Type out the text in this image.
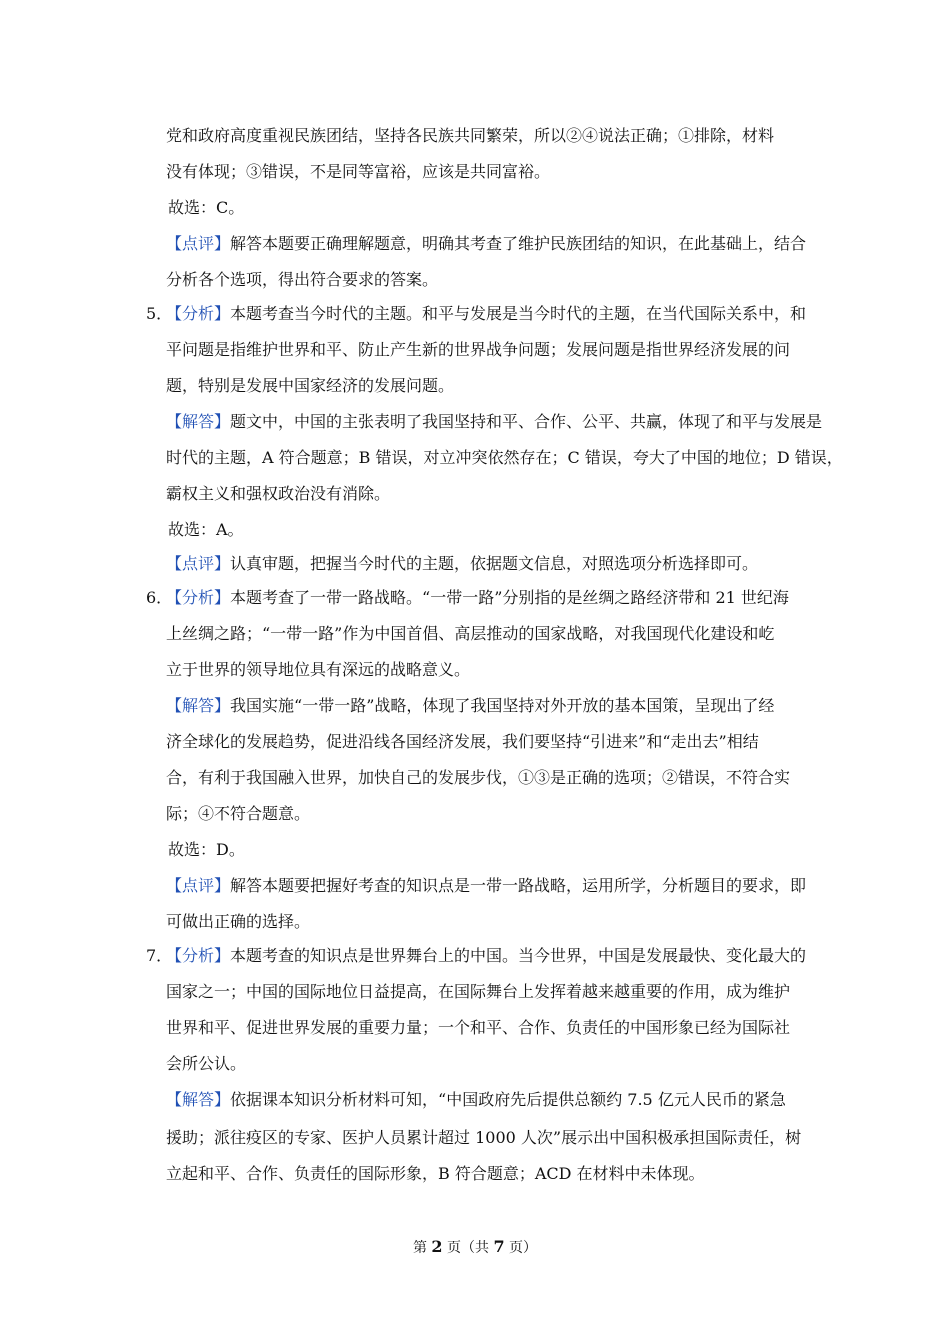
党和政府高度重视民族团结，坚持各民族共同繁荣，所以②④说法正确；①排除，材料
没有体现；③错误，不是同等富裕，应该是共同富裕。
故选：C。
【点评】解答本题要正确理解题意，明确其考查了维护民族团结的知识，在此基础上，结合
分析各个选项，得出符合要求的答案。
5．
【分析】本题考查当今时代的主题。和平与发展是当今时代的主题，在当代国际关系中，和
平问题是指维护世界和平、防止产生新的世界战争问题；发展问题是指世界经济发展的问
题，特别是发展中国家经济的发展问题。
【解答】题文中，中国的主张表明了我国坚持和平、合作、公平、共赢，体现了和平与发展是
时代的主题，A 符合题意；B 错误，对立冲突依然存在；C 错误，夸大了中国的地位；D 错误，
霸权主义和强权政治没有消除。
故选：A。
【点评】认真审题，把握当今时代的主题，依据题文信息，对照选项分析选择即可。
6．
【分析】本题考查了一带一路战略。“一带一路”分别指的是丝绸之路经济带和 21 世纪海
上丝绸之路；“一带一路”作为中国首倡、高层推动的国家战略，对我国现代化建设和屹
立于世界的领导地位具有深远的战略意义。
【解答】我国实施“一带一路”战略，体现了我国坚持对外开放的基本国策，呈现出了经
济全球化的发展趋势，促进沿线各国经济发展，我们要坚持“引进来”和“走出去”相结
合，有利于我国融入世界，加快自己的发展步伐，①③是正确的选项；②错误，不符合实
际；④不符合题意。
故选：D。
【点评】解答本题要把握好考查的知识点是一带一路战略，运用所学，分析题目的要求，即
可做出正确的选择。
7．
【分析】本题考查的知识点是世界舞台上的中国。当今世界，中国是发展最快、变化最大的
国家之一；中国的国际地位日益提高，在国际舞台上发挥着越来越重要的作用，成为维护
世界和平、促进世界发展的重要力量；一个和平、合作、负责任的中国形象已经为国际社
会所公认。
【解答】依据课本知识分析材料可知，“中国政府先后提供总额约 7.5 亿元人民币的紧急
援助；派往疫区的专家、医护人员累计超过 1000 人次”展示出中国积极承担国际责任，树
立起和平、合作、负责任的国际形象，B 符合题意；ACD 在材料中未体现。
第 2 页（共 7 页）
